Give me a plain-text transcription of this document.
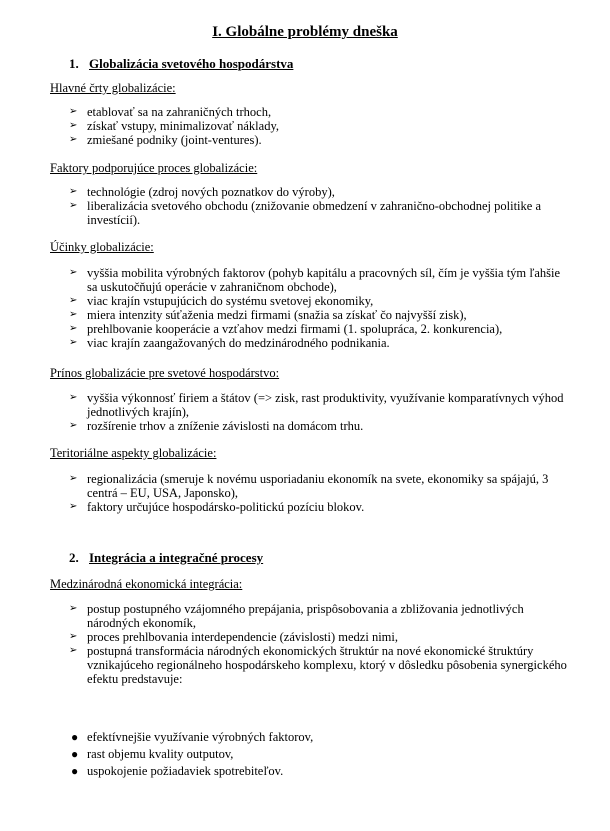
I. Globálne problémy dneška
1. Globalizácia svetového hospodárstva
Hlavné črty globalizácie:
➢ etablovať sa na zahraničných trhoch,
➢ získať vstupy, minimalizovať náklady,
➢ zmiešané podniky (joint-ventures).
Faktory podporujúce proces globalizácie:
➢ technológie (zdroj nových poznatkov do výroby),
➢ liberalizácia svetového obchodu (znižovanie obmedzení v zahranično-obchodnej politike a investícií).
Účinky globalizácie:
➢ vyššia mobilita výrobných faktorov (pohyb kapitálu a pracovných síl, čím je vyššia tým ľahšie sa uskutočňujú operácie v zahraničnom obchode),
➢ viac krajín vstupujúcich do systému svetovej ekonomiky,
➢ miera intenzity súťaženia medzi firmami (snažia sa získať čo najvyšší zisk),
➢ prehlbovanie kooperácie a vzťahov medzi firmami (1. spolupráca, 2. konkurencia),
➢ viac krajín zaangažovaných do medzinárodného podnikania.
Prínos globalizácie pre svetové hospodárstvo:
➢ vyššia výkonnosť firiem a štátov (=> zisk, rast produktivity, využívanie komparatívnych výhod jednotlivých krajín),
➢ rozšírenie trhov a zníženie závislosti na domácom trhu.
Teritoriálne aspekty globalizácie:
➢ regionalizácia (smeruje k novému usporiadaniu ekonomík na svete, ekonomiky sa spájajú, 3 centrá – EU, USA, Japonsko),
➢ faktory určujúce hospodársko-politickú pozíciu blokov.
2. Integrácia a integračné procesy
Medzinárodná ekonomická integrácia:
➢ postup postupného vzájomného prepájania, prispôsobovania a zbližovania jednotlivých národných ekonomík,
➢ proces prehlbovania interdependencie (závislosti) medzi nimi,
➢ postupná transformácia národných ekonomických štruktúr na nové ekonomické štruktúry vznikajúceho regionálneho hospodárskeho komplexu, ktorý v dôsledku pôsobenia synergického efektu predstavuje:
● efektívnejšie využívanie výrobných faktorov,
● rast objemu kvality outputov,
● uspokojenie požiadaviek spotrebiteľov.
